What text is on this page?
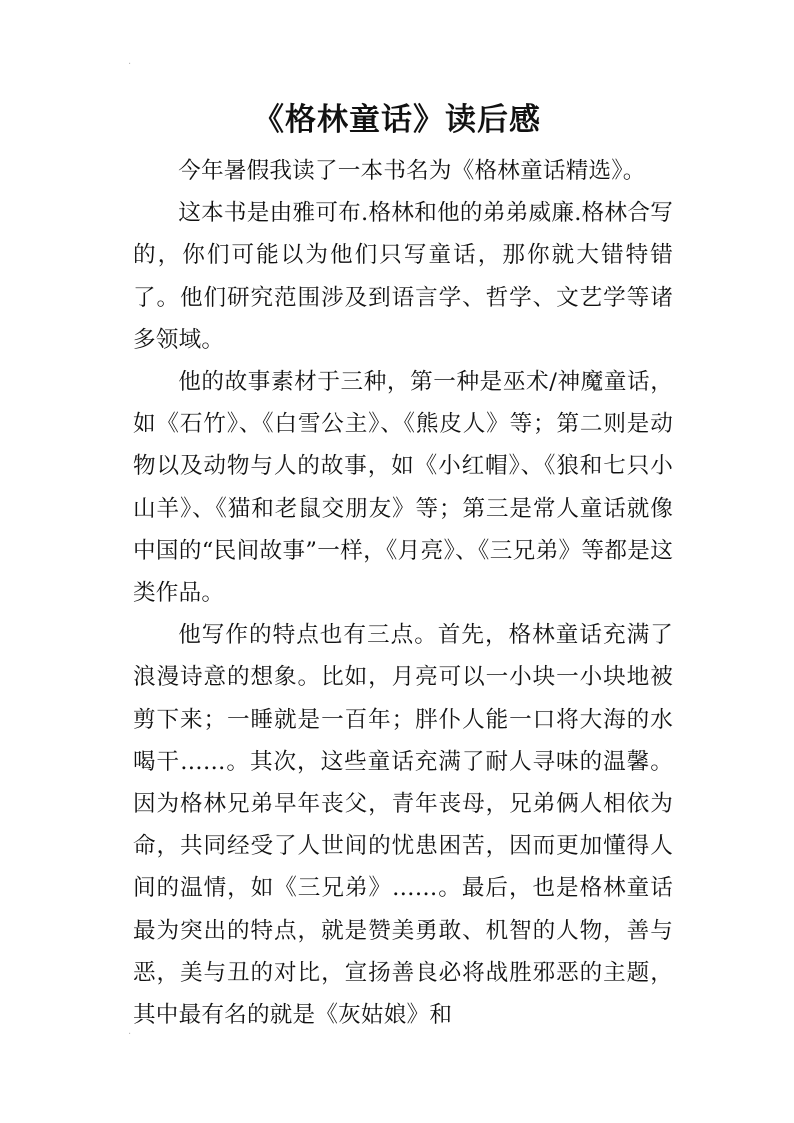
·
《格林童话》读后感

今年暑假我读了一本书名为《格林童话精选》。

这本书是由雅可布.格林和他的弟弟威廉.格林合写的，你们可能以为他们只写童话，那你就大错特错了。他们研究范围涉及到语言学、哲学、文艺学等诸多领域。

他的故事素材于三种，第一种是巫术/神魔童话，如《石竹》、《白雪公主》、《熊皮人》等；第二则是动物以及动物与人的故事，如《小红帽》、《狼和七只小山羊》、《猫和老鼠交朋友》等；第三是常人童话就像中国的“民间故事”一样，《月亮》、《三兄弟》等都是这类作品。

他写作的特点也有三点。首先，格林童话充满了浪漫诗意的想象。比如，月亮可以一小块一小块地被剪下来；一睡就是一百年；胖仆人能一口将大海的水喝干……。其次，这些童话充满了耐人寻味的温馨。因为格林兄弟早年丧父，青年丧母，兄弟俩人相依为命，共同经受了人世间的忧患困苦，因而更加懂得人间的温情，如《三兄弟》……。最后，也是格林童话最为突出的特点，就是赞美勇敢、机智的人物，善与恶，美与丑的对比，宣扬善良必将战胜邪恶的主题，其中最有名的就是《灰姑娘》和

·
